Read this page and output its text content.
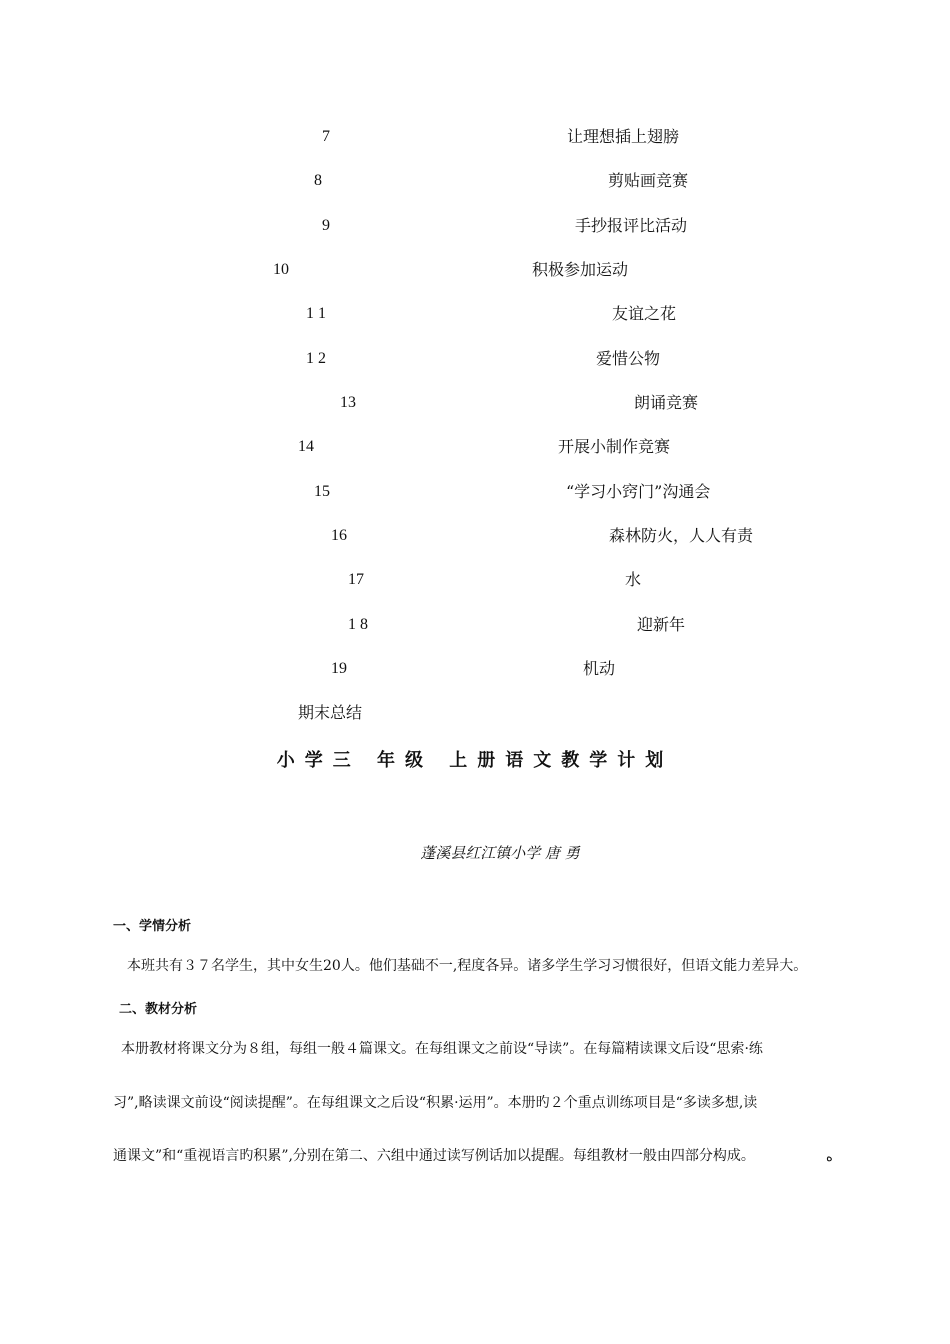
7	让理想插上翅膀
8	剪贴画竞赛
9	手抄报评比活动
10	积极参加运动
1 1	友谊之花
1 2	爱惜公物
13	朗诵竞赛
14	开展小制作竞赛
15	“学习小窍门”沟通会
16	森林防火，人人有责
17	水
1 8	迎新年
19	机动
期末总结
小学三 年级 上册语文教学计划
蓬溪县红江镇小学 唐 勇
一、学情分析
本班共有３７名学生，其中女生20人。他们基础不一,程度各异。诸多学生学习习惯很好，但语文能力差异大。
二、教材分析
本册教材将课文分为８组，每组一般４篇课文。在每组课文之前设“导读”。在每篇精读课文后设“思索·练
习”,略读课文前设“阅读提醒”。在每组课文之后设“积累·运用”。本册旳２个重点训练项目是“多读多想,读
通课文”和“重视语言旳积累”,分别在第二、六组中通过读写例话加以提醒。每组教材一般由四部分构成。	ﻩ
